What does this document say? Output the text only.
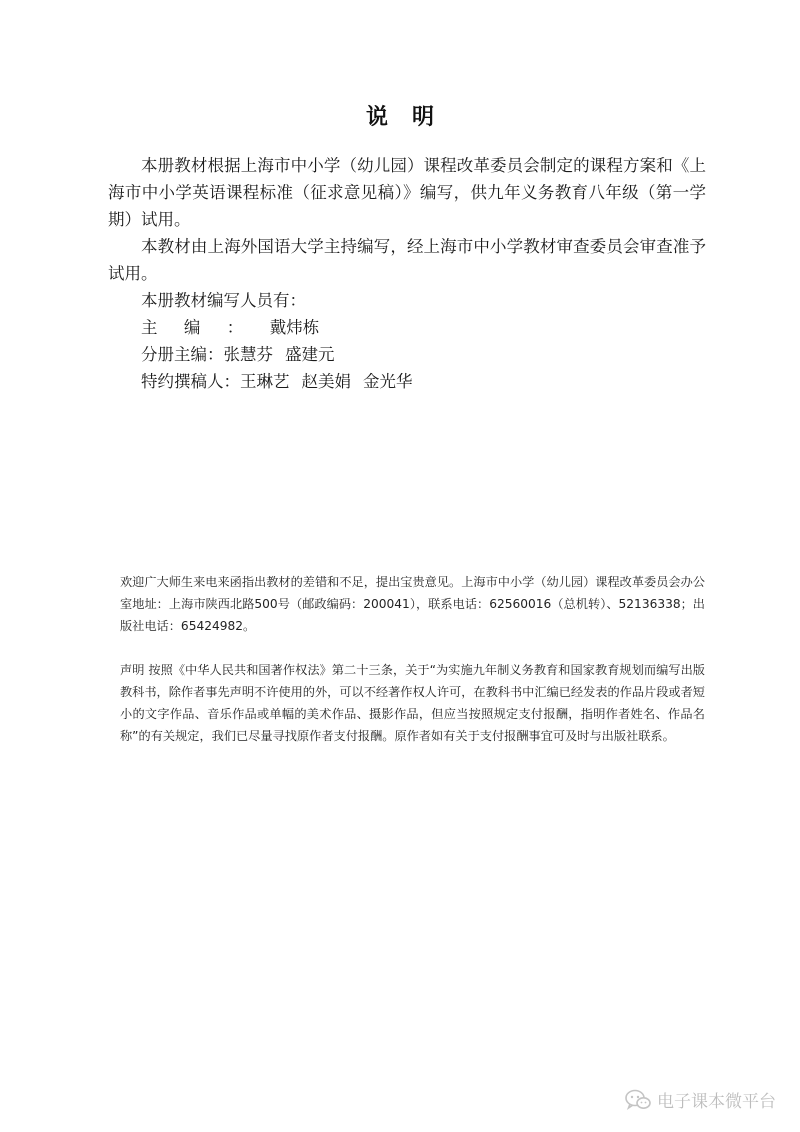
说明

本册教材根据上海市中小学（幼儿园）课程改革委员会制定的课程方案和《上海市中小学英语课程标准（征求意见稿）》编写，供九年义务教育八年级（第一学期）试用。

本教材由上海外国语大学主持编写，经上海市中小学教材审查委员会审查准予试用。

本册教材编写人员有：

主编：戴炜栋

分册主编：张慧芬 盛建元

特约撰稿人：王琳艺 赵美娟 金光华

欢迎广大师生来电来函指出教材的差错和不足，提出宝贵意见。上海市中小学（幼儿园）课程改革委员会办公室地址：上海市陕西北路500号（邮政编码：200041），联系电话：62560016（总机转）、52136338；出版社电话：65424982。

声明 按照《中华人民共和国著作权法》第二十三条，关于“为实施九年制义务教育和国家教育规划而编写出版教科书，除作者事先声明不许使用的外，可以不经著作权人许可，在教科书中汇编已经发表的作品片段或者短小的文字作品、音乐作品或单幅的美术作品、摄影作品，但应当按照规定支付报酬，指明作者姓名、作品名称”的有关规定，我们已尽量寻找原作者支付报酬。原作者如有关于支付报酬事宜可及时与出版社联系。

电子课本微平台
